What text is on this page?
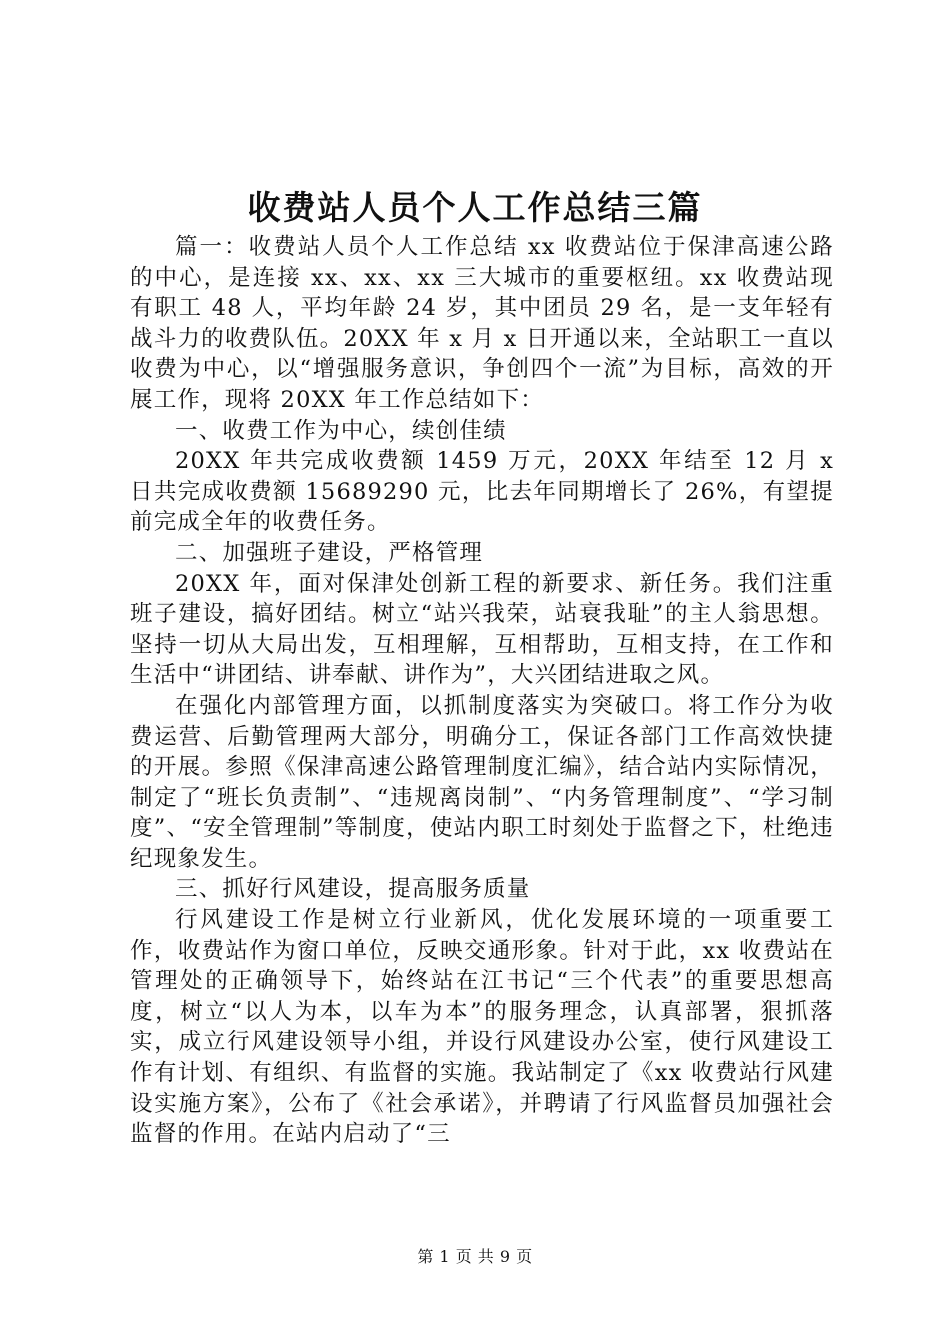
收费站人员个人工作总结三篇

篇一：收费站人员个人工作总结 xx 收费站位于保津高速公路的中心，是连接 xx、xx、xx 三大城市的重要枢纽。xx 收费站现有职工 48 人，平均年龄 24 岁，其中团员 29 名，是一支年轻有战斗力的收费队伍。20XX 年 x 月 x 日开通以来，全站职工一直以收费为中心，以“增强服务意识，争创四个一流”为目标，高效的开展工作，现将 20XX 年工作总结如下：

一、收费工作为中心，续创佳绩

20XX 年共完成收费额 1459 万元，20XX 年结至 12 月 x 日共完成收费额 15689290 元，比去年同期增长了 26%，有望提前完成全年的收费任务。

二、加强班子建设，严格管理

20XX 年，面对保津处创新工程的新要求、新任务。我们注重班子建设，搞好团结。树立“站兴我荣，站衰我耻”的主人翁思想。坚持一切从大局出发，互相理解，互相帮助，互相支持，在工作和生活中“讲团结、讲奉献、讲作为”，大兴团结进取之风。

在强化内部管理方面，以抓制度落实为突破口。将工作分为收费运营、后勤管理两大部分，明确分工，保证各部门工作高效快捷的开展。参照《保津高速公路管理制度汇编》，结合站内实际情况，制定了“班长负责制”、“违规离岗制”、“内务管理制度”、“学习制度”、“安全管理制”等制度，使站内职工时刻处于监督之下，杜绝违纪现象发生。

三、抓好行风建设，提高服务质量

行风建设工作是树立行业新风，优化发展环境的一项重要工作，收费站作为窗口单位，反映交通形象。针对于此，xx 收费站在管理处的正确领导下，始终站在江书记“三个代表”的重要思想高度，树立“以人为本，以车为本”的服务理念，认真部署，狠抓落实，成立行风建设领导小组，并设行风建设办公室，使行风建设工作有计划、有组织、有监督的实施。我站制定了《xx 收费站行风建设实施方案》，公布了《社会承诺》，并聘请了行风监督员加强社会监督的作用。在站内启动了“三

第 1 页 共 9 页
